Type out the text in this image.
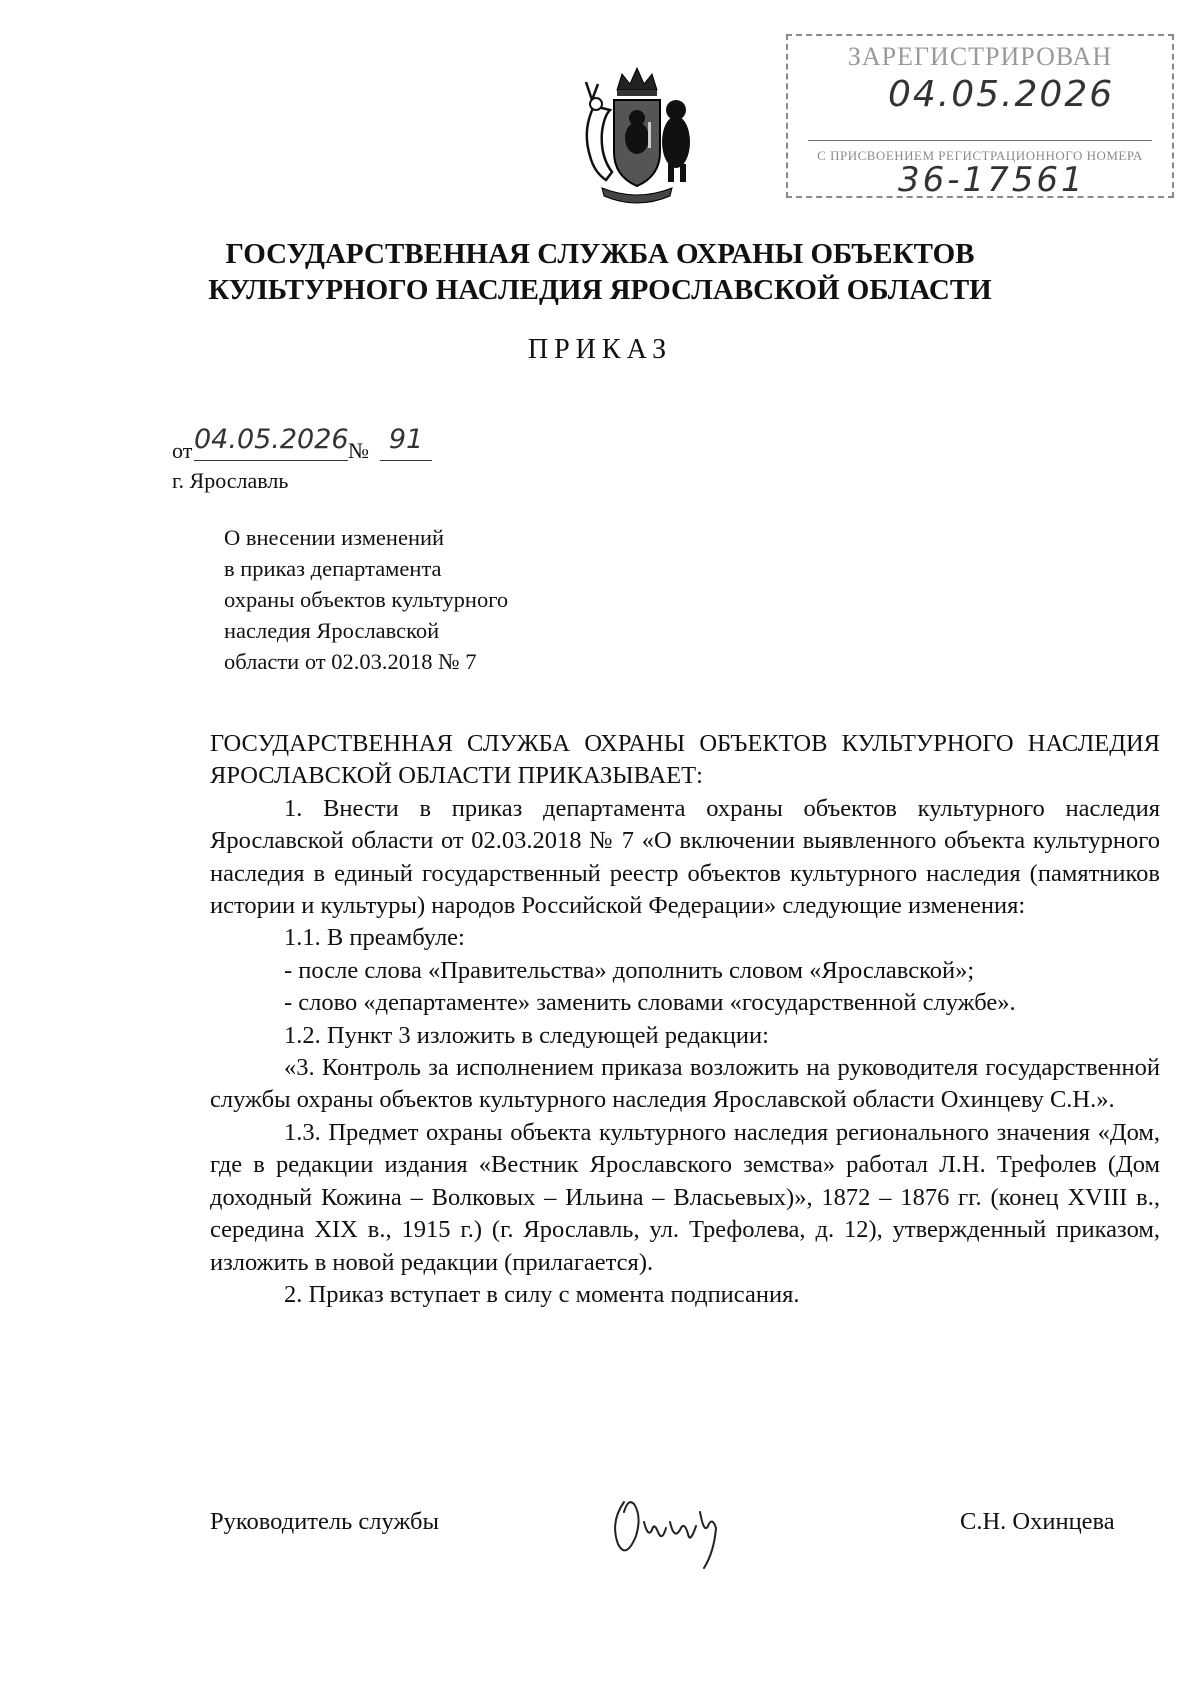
ЗАРЕГИСТРИРОВАН
04.05.2026
С ПРИСВОЕНИЕМ РЕГИСТРАЦИОННОГО НОМЕРА
36-17561
ГОСУДАРСТВЕННАЯ СЛУЖБА ОХРАНЫ ОБЪЕКТОВ
КУЛЬТУРНОГО НАСЛЕДИЯ ЯРОСЛАВСКОЙ ОБЛАСТИ
ПРИКАЗ
от 04.05.2026 № 91
г. Ярославль
О внесении изменений
в приказ департамента
охраны объектов культурного
наследия Ярославской
области от 02.03.2018 № 7

ГОСУДАРСТВЕННАЯ СЛУЖБА ОХРАНЫ ОБЪЕКТОВ КУЛЬТУРНОГО НАСЛЕДИЯ ЯРОСЛАВСКОЙ ОБЛАСТИ ПРИКАЗЫВАЕТ:

1. Внести в приказ департамента охраны объектов культурного наследия Ярославской области от 02.03.2018 № 7 «О включении выявленного объекта культурного наследия в единый государственный реестр объектов культурного наследия (памятников истории и культуры) народов Российской Федерации» следующие изменения:

1.1. В преамбуле:

- после слова «Правительства» дополнить словом «Ярославской»;

- слово «департаменте» заменить словами «государственной службе».

1.2. Пункт 3 изложить в следующей редакции:

«3. Контроль за исполнением приказа возложить на руководителя государственной службы охраны объектов культурного наследия Ярославской области Охинцеву С.Н.».

1.3. Предмет охраны объекта культурного наследия регионального значения «Дом, где в редакции издания «Вестник Ярославского земства» работал Л.Н. Трефолев (Дом доходный Кожина – Волковых – Ильина – Власьевых)», 1872 – 1876 гг. (конец XVIII в., середина XIX в., 1915 г.) (г. Ярославль, ул. Трефолева, д. 12), утвержденный приказом, изложить в новой редакции (прилагается).

2. Приказ вступает в силу с момента подписания.

Руководитель службы	С.Н. Охинцева
